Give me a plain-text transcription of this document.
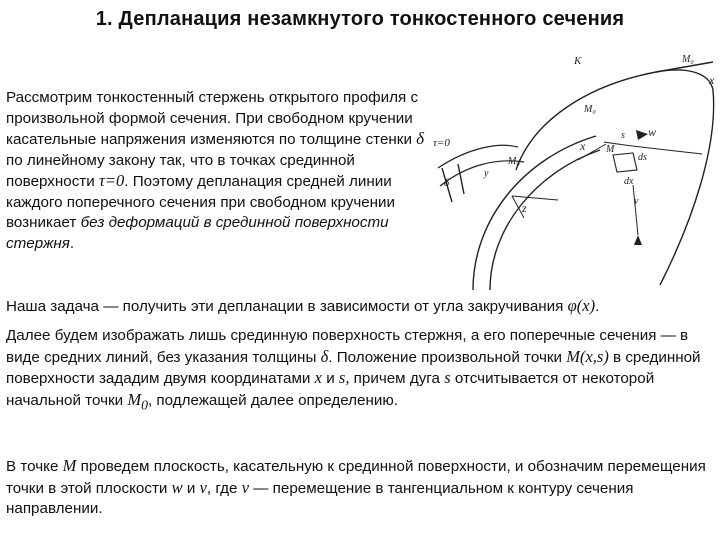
1. Депланация незамкнутого тонкостенного сечения
Рассмотрим тонкостенный стержень открытого профиля с произвольной формой сечения. При свободном кручении касательные напряжения изменяются по толщине стенки δ по линейному закону так, что в точках срединной поверхности τ=0. Поэтому депланация средней линии каждого поперечного сечения при свободном кручении возникает без деформаций в срединной поверхности стержня.
Наша задача — получить эти депланации в зависимости от угла закручивания φ(x).
Далее будем изображать лишь срединную поверхность стержня, а его поперечные сечения — в виде средних линий, без указания толщины δ. Положение произвольной точки M(x,s) в срединной поверхности зададим двумя координатами x и s, причем дуга s отсчитывается от некоторой начальной точки $M_0$, подлежащей далее определению.
В точке M проведем плоскость, касательную к срединной поверхности, и обозначим перемещения точки в этой плоскости w и v, где v — перемещение в тангенциальном к контуру сечения направлении.
K	M₀
x
M₀
s w
x M
ds
dx
τ=0
M₀
δ
y
z	v
